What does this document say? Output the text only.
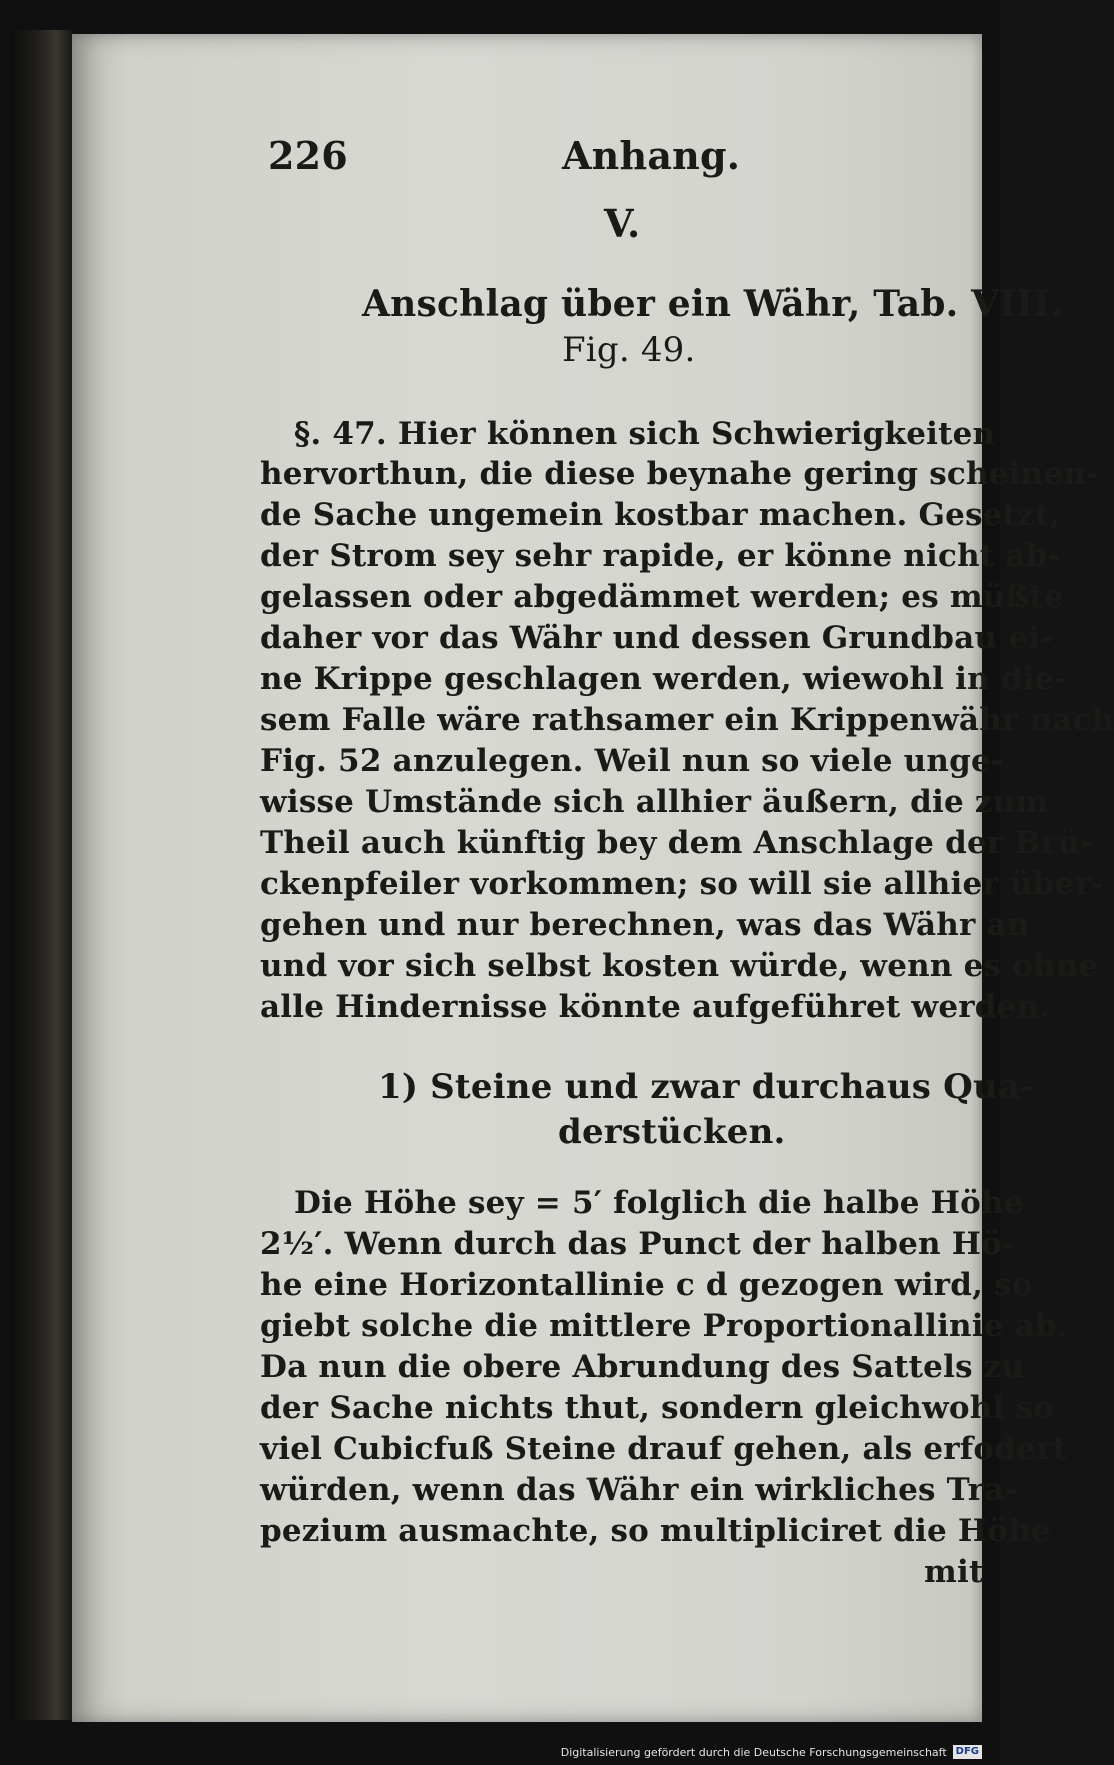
226	Anhang.
V.
Anschlag über ein Währ, Tab. VIII.
Fig. 49.
§. 47. Hier können sich Schwierigkeiten
hervorthun, die diese beynahe gering scheinen-
de Sache ungemein kostbar machen. Gesetzt,
der Strom sey sehr rapide, er könne nicht ab-
gelassen oder abgedämmet werden; es müßte
daher vor das Währ und dessen Grundbau ei-
ne Krippe geschlagen werden, wiewohl in die-
sem Falle wäre rathsamer ein Krippenwähr nach
Fig. 52 anzulegen. Weil nun so viele unge-
wisse Umstände sich allhier äußern, die zum
Theil auch künftig bey dem Anschlage der Brü-
ckenpfeiler vorkommen; so will sie allhier über-
gehen und nur berechnen, was das Währ an
und vor sich selbst kosten würde, wenn es ohne
alle Hindernisse könnte aufgeführet werden.
1) Steine und zwar durchaus Qua-
derstücken.
Die Höhe sey = 5′ folglich die halbe Höhe
2½′. Wenn durch das Punct der halben Hö-
he eine Horizontallinie c d gezogen wird, so
giebt solche die mittlere Proportionallinie ab.
Da nun die obere Abrundung des Sattels zu
der Sache nichts thut, sondern gleichwohl so
viel Cubicfuß Steine drauf gehen, als erfodert
würden, wenn das Währ ein wirkliches Tra-
pezium ausmachte, so multipliciret die Höhe
mit
Digitalisierung gefördert durch die Deutsche Forschungsgemeinschaft DFG
